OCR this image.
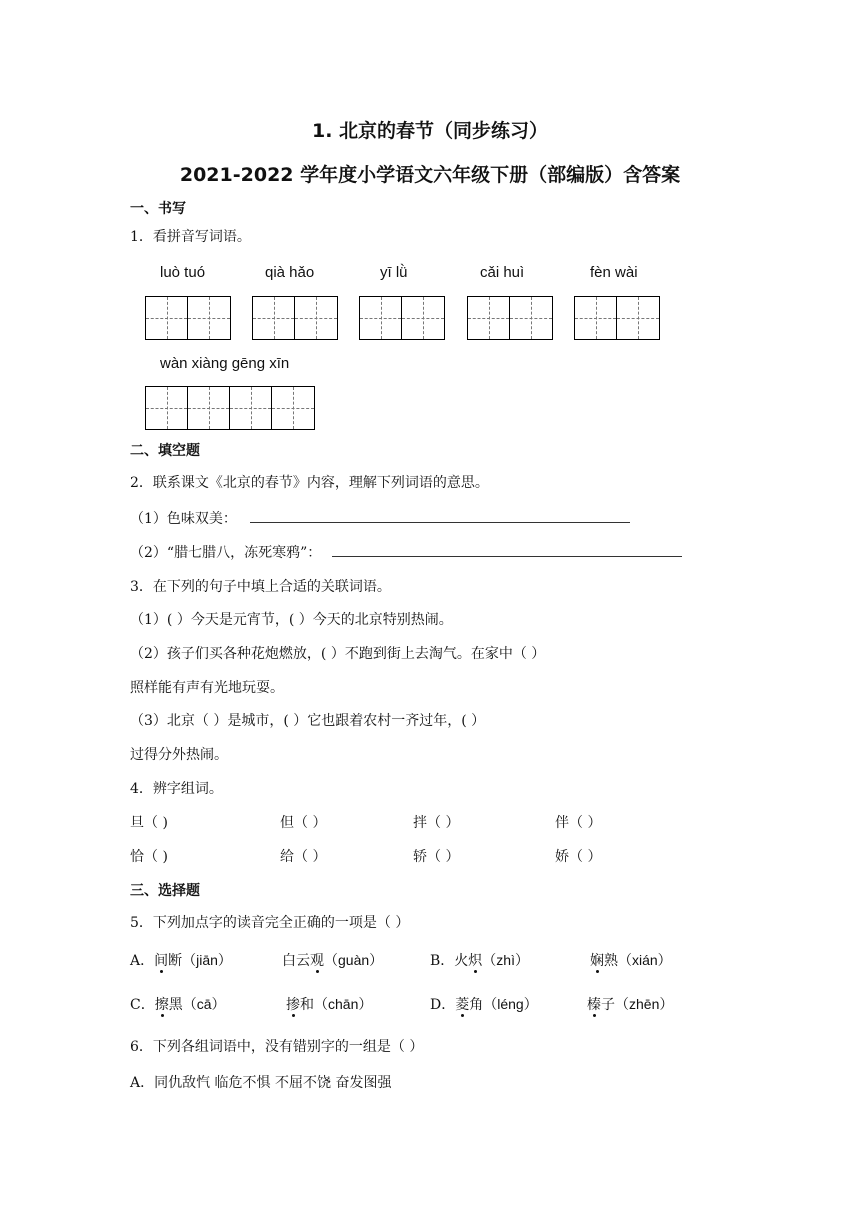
1. 北京的春节（同步练习）
2021-2022 学年度小学语文六年级下册（部编版）含答案
一、书写
1．看拼音写词语。
luò tuó	qià hǎo	yī lǜ	cǎi huì	fèn wài
wàn xiàng gēng xīn
二、填空题
2．联系课文《北京的春节》内容，理解下列词语的意思。
（1）色味双美：
（2）“腊七腊八，冻死寒鸦”：
3．在下列的句子中填上合适的关联词语。
（1）( ）今天是元宵节，( ）今天的北京特别热闹。
（2）孩子们买各种花炮燃放，( ）不跑到街上去淘气。在家中（ ）
照样能有声有光地玩耍。
（3）北京（ ）是城市，( ）它也跟着农村一齐过年，( ）
过得分外热闹。
4．辨字组词。
旦（ )	但（ ）	拌（ ）	伴（ ）
恰（ )	给（ ）	轿（ ）	娇（ ）
三、选择题
5．下列加点字的读音完全正确的一项是（ ）
A．间断（jiān）	白云观（guàn）	B．火炽（zhì）	娴熟（xián）
C．擦黑（cā）	掺和（chān）	D．菱角（léng）	榛子（zhēn）
6．下列各组词语中，没有错别字的一组是（ ）
A．同仇敌忾 临危不惧 不屈不饶 奋发图强
